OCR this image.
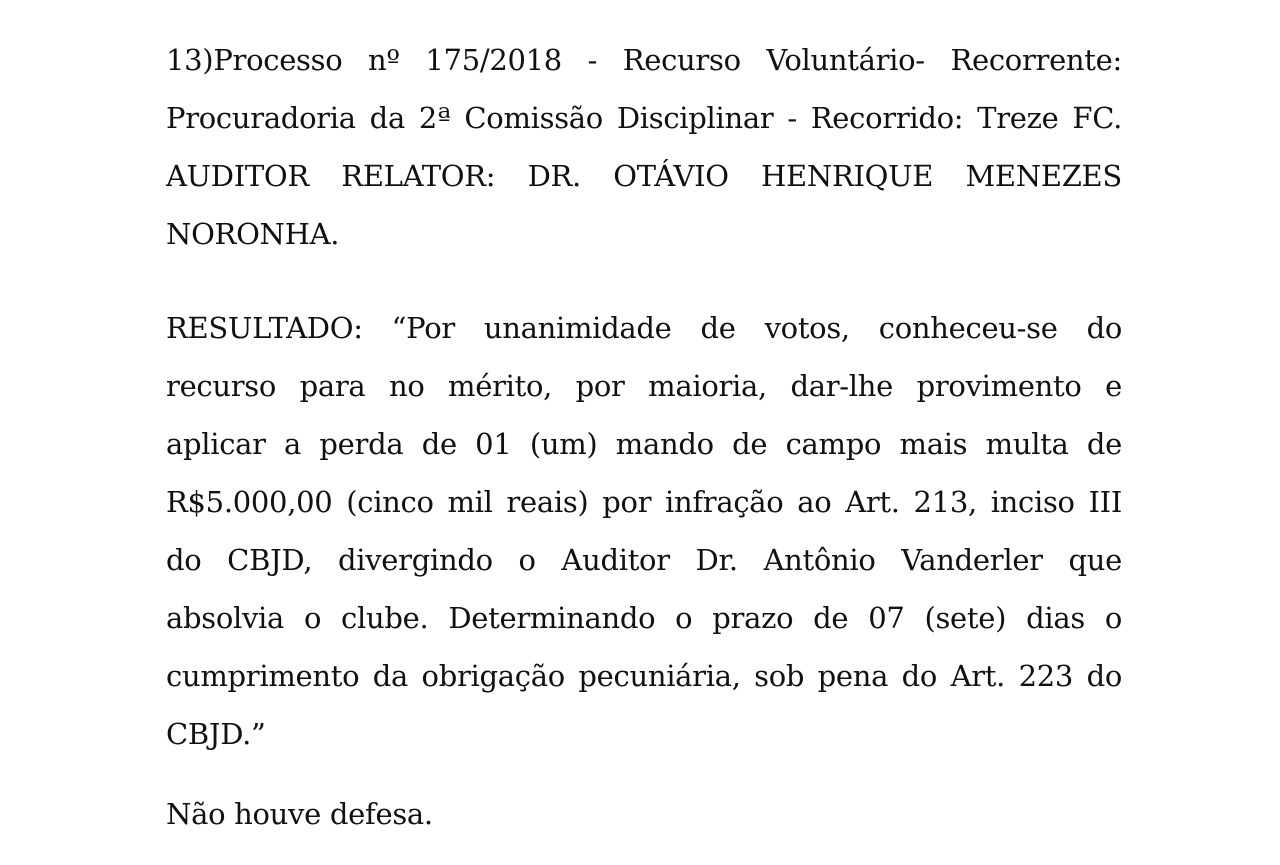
13)Processo nº 175/2018 - Recurso Voluntário- Recorrente:
Procuradoria da 2ª Comissão Disciplinar - Recorrido: Treze FC.
AUDITOR RELATOR: DR. OTÁVIO HENRIQUE MENEZES
NORONHA.
RESULTADO: “Por unanimidade de votos, conheceu-se do
recurso para no mérito, por maioria, dar-lhe provimento e
aplicar a perda de 01 (um) mando de campo mais multa de
R$5.000,00 (cinco mil reais) por infração ao Art. 213, inciso III
do CBJD, divergindo o Auditor Dr. Antônio Vanderler que
absolvia o clube. Determinando o prazo de 07 (sete) dias o
cumprimento da obrigação pecuniária, sob pena do Art. 223 do
CBJD.”
Não houve defesa.
